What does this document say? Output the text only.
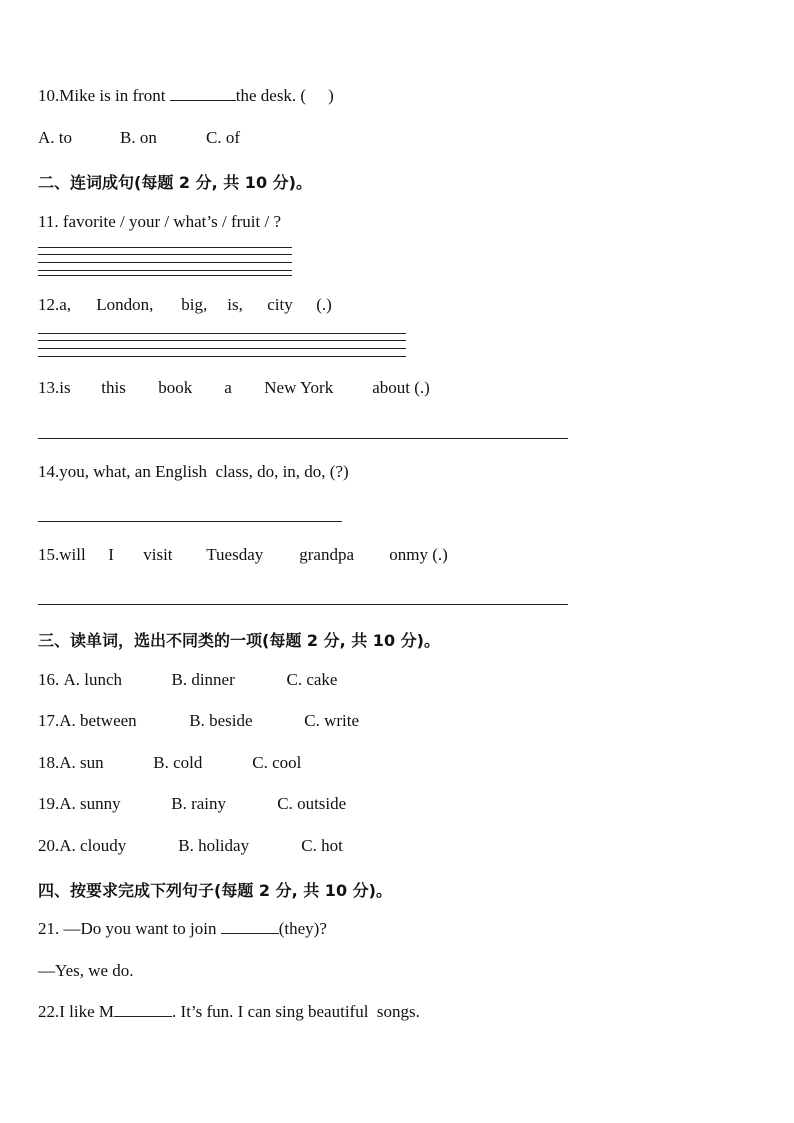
10.Mike is in front	the desk. ( )
A. to	B. on	C. of
二、连词成句(每题 2 分, 共 10 分)。
11. favorite / your / what’s / fruit / ?
12.a, London, big, is, city (.)
13.is this book a New York about (.)
14.you, what, an English  class, do, in, do, (?)
15.will I visit Tuesday grandpa onmy (.)
三、读单词，选出不同类的一项(每题 2 分, 共 10 分)。
16. A. lunch	B. dinner	C. cake
17.A. between	B. beside	C. write
18.A. sun	B. cold	C. cool
19.A. sunny	B. rainy	C. outside
20.A. cloudy	B. holiday	C. hot
四、按要求完成下列句子(每题 2 分, 共 10 分)。
21. —Do you want to join	(they)?
—Yes, we do.
22.I like M	. It’s fun. I can sing beautiful  songs.
